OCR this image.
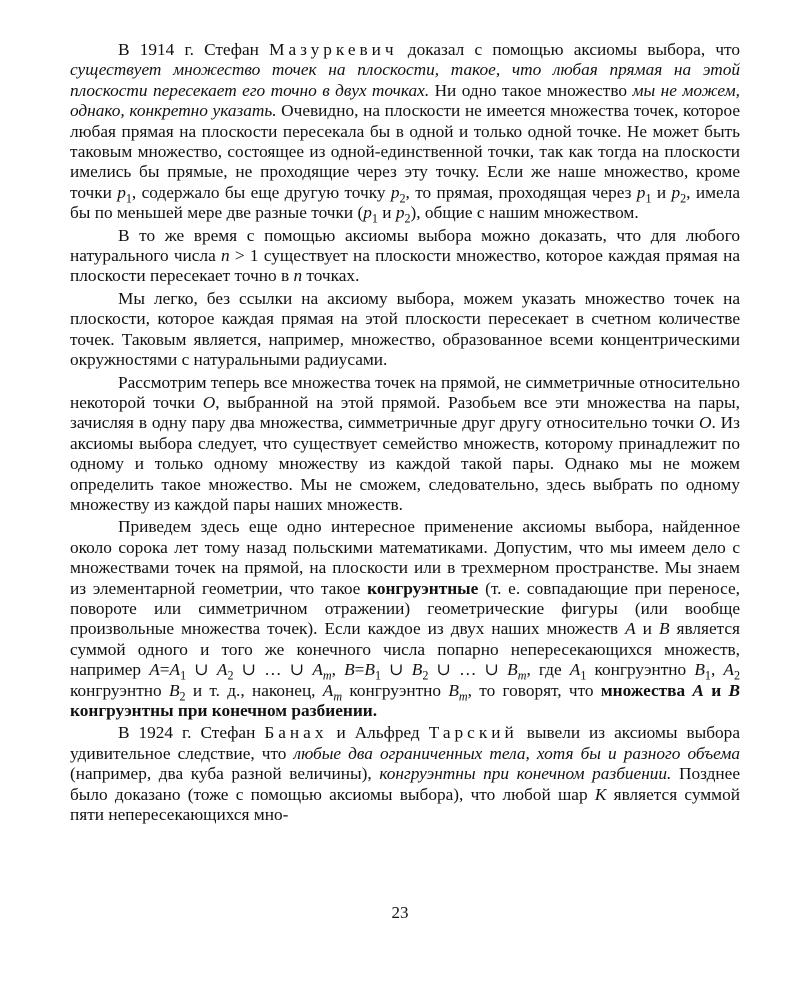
В 1914 г. Стефан Мазуркевич доказал с помощью аксиомы выбора, что существует множество точек на плоскости, такое, что любая прямая на этой плоскости пересекает его точно в двух точках. Ни одно такое множество мы не можем, однако, конкретно указать. Очевидно, на плоскости не имеется множества точек, которое любая прямая на плоскости пересекала бы в одной и только одной точке. Не может быть таковым множество, состоящее из одной-единственной точки, так как тогда на плоскости имелись бы прямые, не проходящие через эту точку. Если же наше множество, кроме точки $p_1$, содержало бы еще другую точку $p_2$, то прямая, проходящая через $p_1$ и $p_2$, имела бы по меньшей мере две разные точки ($p_1$ и $p_2$), общие с нашим множеством.

В то же время с помощью аксиомы выбора можно доказать, что для любого натурального числа n > 1 существует на плоскости множество, которое каждая прямая на плоскости пересекает точно в n точках.

Мы легко, без ссылки на аксиому выбора, можем указать множество точек на плоскости, которое каждая прямая на этой плоскости пересекает в счетном количестве точек. Таковым является, например, множество, образованное всеми концентрическими окружностями с натуральными радиусами.

Рассмотрим теперь все множества точек на прямой, не симметричные относительно некоторой точки O, выбранной на этой прямой. Разобьем все эти множества на пары, зачисляя в одну пару два множества, симметричные друг другу относительно точки O. Из аксиомы выбора следует, что существует семейство множеств, которому принадлежит по одному и только одному множеству из каждой такой пары. Однако мы не можем определить такое множество. Мы не сможем, следовательно, здесь выбрать по одному множеству из каждой пары наших множеств.

Приведем здесь еще одно интересное применение аксиомы выбора, найденное около сорока лет тому назад польскими математиками. Допустим, что мы имеем дело с множествами точек на прямой, на плоскости или в трехмерном пространстве. Мы знаем из элементарной геометрии, что такое конгруэнтные (т. е. совпадающие при переносе, повороте или симметричном отражении) геометрические фигуры (или вообще произвольные множества точек). Если каждое из двух наших множеств A и B является суммой одного и того же конечного числа попарно непересекающихся множеств, например $A=A_1$ ∪ $A_2$ ∪ … ∪ $A_m$, $B=B_1$ ∪ $B_2$ ∪ … ∪ $B_m$, где $A_1$ конгруэнтно $B_1$, $A_2$ конгруэнтно $B_2$ и т. д., наконец, $A_m$ конгруэнтно $B_m$, то говорят, что множества A и B конгруэнтны при конечном разбиении.

В 1924 г. Стефан Банах и Альфред Тарский вывели из аксиомы выбора удивительное следствие, что любые два ограниченных тела, хотя бы и разного объема (например, два куба разной величины), конгруэнтны при конечном разбиении. Позднее было доказано (тоже с помощью аксиомы выбора), что любой шар K является суммой пяти непересекающихся мно-

23
